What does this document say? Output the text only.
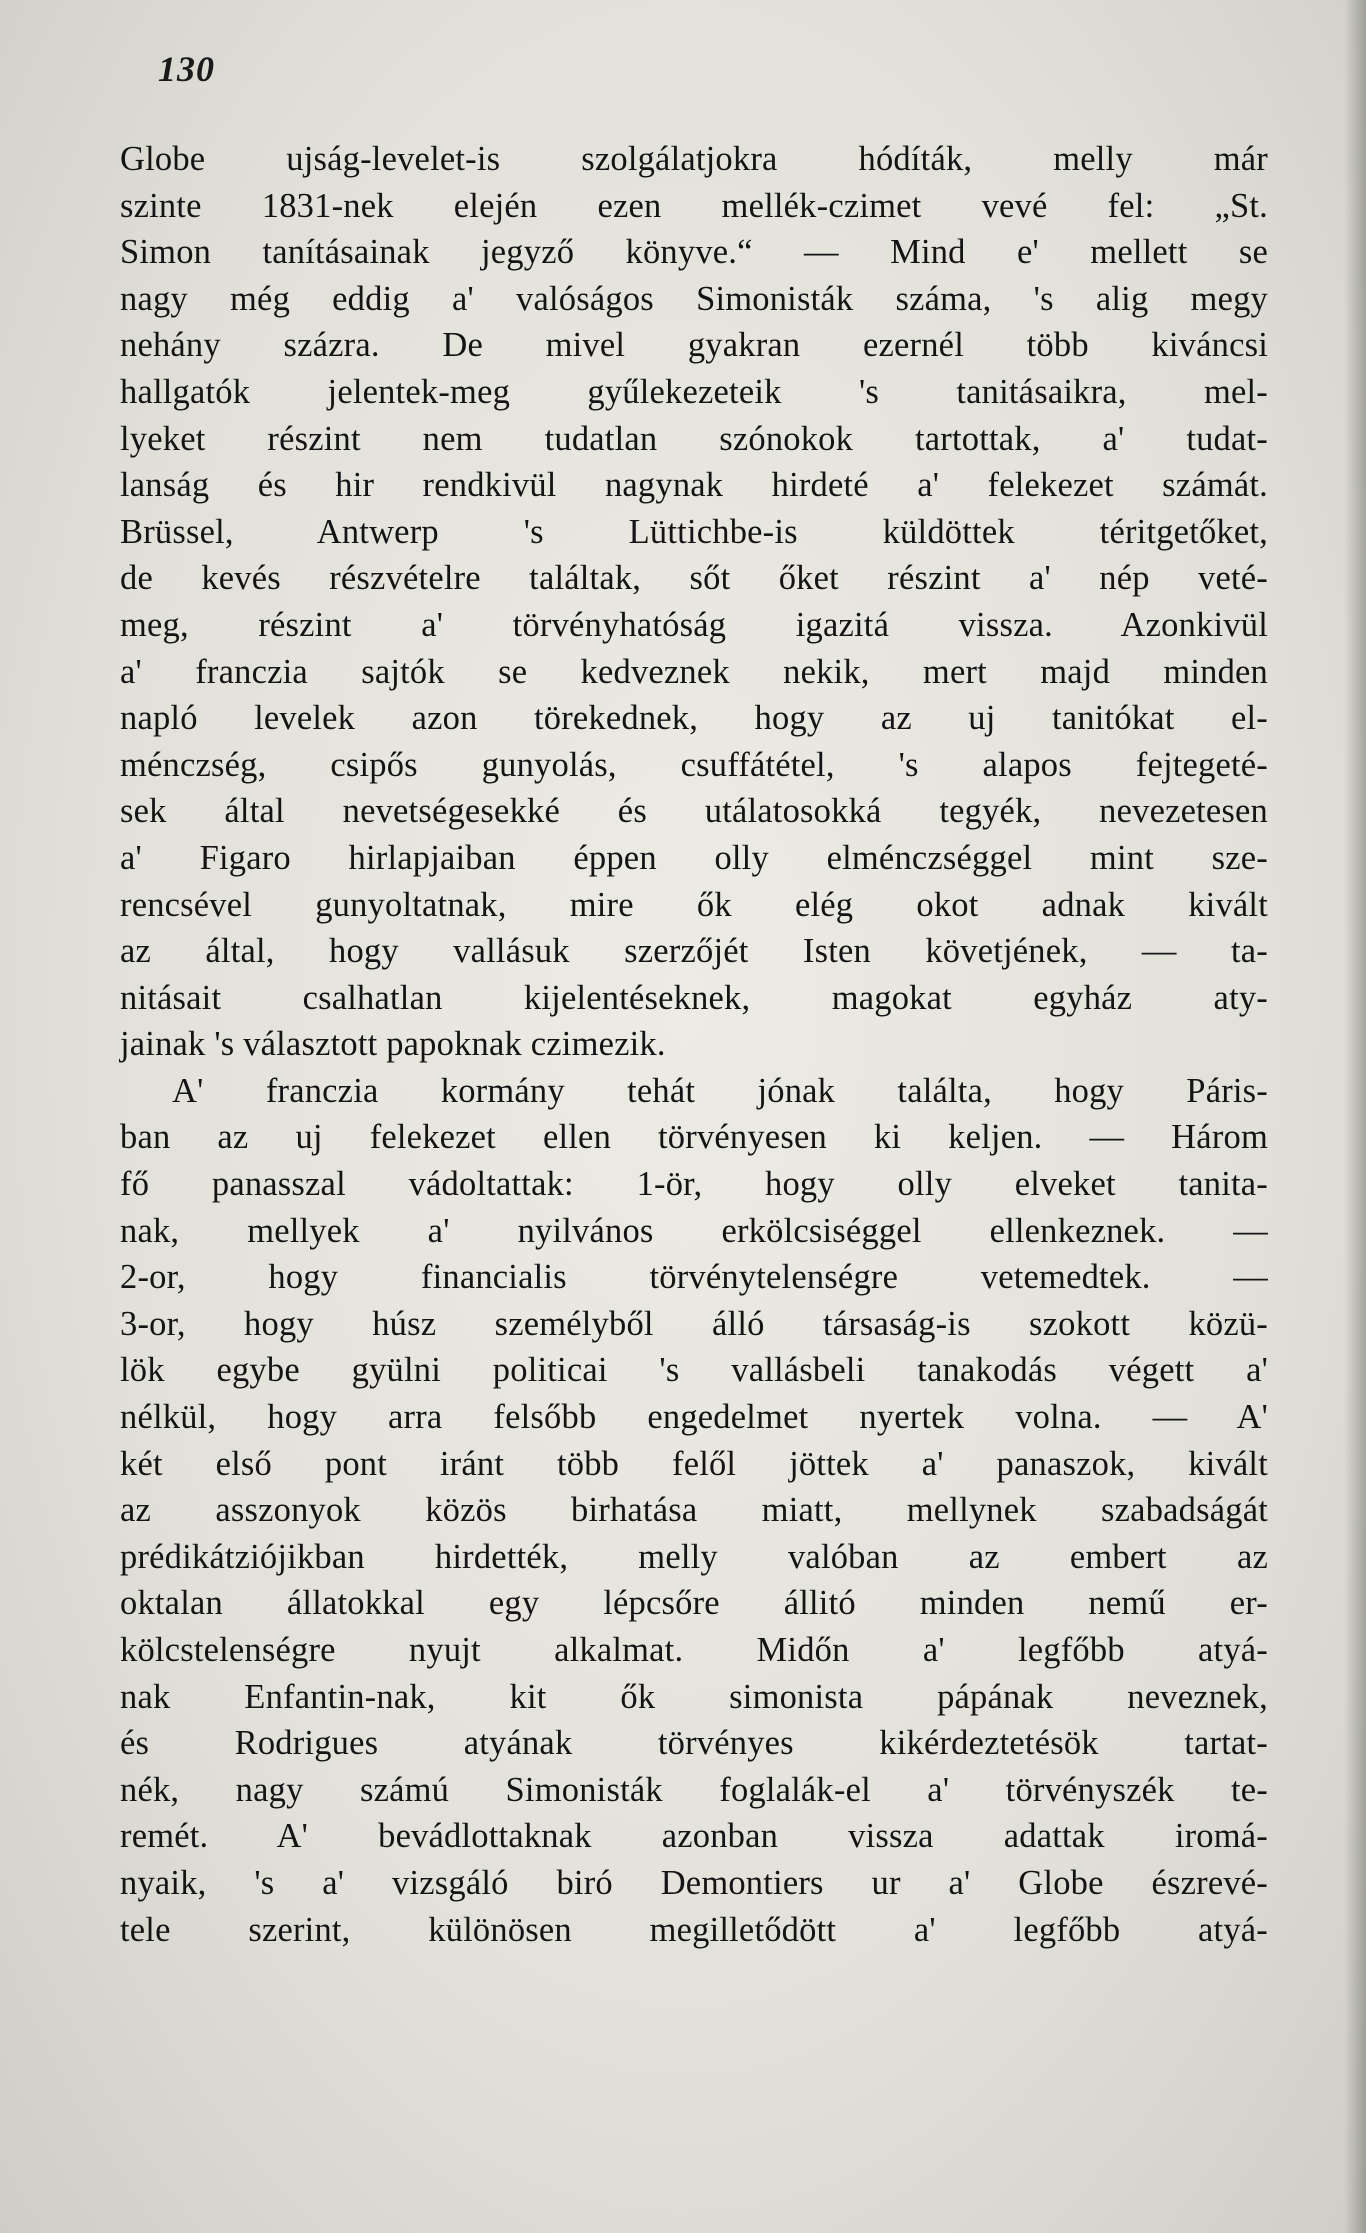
130
Globe ujság-levelet-is szolgálatjokra hódíták, melly már
szinte 1831-nek elején ezen mellék-czimet vevé fel: „St.
Simon tanításainak jegyző könyve.“ — Mind e' mellett se
nagy még eddig a' valóságos Simonisták száma, 's alig megy
nehány százra. De mivel gyakran ezernél több kiváncsi
hallgatók jelentek-meg gyűlekezeteik 's tanitásaikra, mel-
lyeket részint nem tudatlan szónokok tartottak, a' tudat-
lanság és hir rendkivül nagynak hirdeté a' felekezet számát.
Brüssel, Antwerp 's Lüttichbe-is küldöttek téritgetőket,
de kevés részvételre találtak, sőt őket részint a' nép veté-
meg, részint a' törvényhatóság igazitá vissza. Azonkivül
a' franczia sajtók se kedveznek nekik, mert majd minden
napló levelek azon törekednek, hogy az uj tanitókat el-
ménczség, csipős gunyolás, csuffátétel, 's alapos fejtegeté-
sek által nevetségesekké és utálatosokká tegyék, nevezetesen
a' Figaro hirlapjaiban éppen olly elménczséggel mint sze-
rencsével gunyoltatnak, mire ők elég okot adnak kivált
az által, hogy vallásuk szerzőjét Isten követjének, — ta-
nitásait csalhatlan kijelentéseknek, magokat egyház aty-
jainak 's választott papoknak czimezik.
A' franczia kormány tehát jónak találta, hogy Páris-
ban az uj felekezet ellen törvényesen ki keljen. — Három
fő panasszal vádoltattak: 1-ör, hogy olly elveket tanita-
nak, mellyek a' nyilvános erkölcsiséggel ellenkeznek. —
2-or, hogy financialis törvénytelenségre vetemedtek. —
3-or, hogy húsz személyből álló társaság-is szokott közü-
lök egybe gyülni politicai 's vallásbeli tanakodás végett a'
nélkül, hogy arra felsőbb engedelmet nyertek volna. — A'
két első pont iránt több felől jöttek a' panaszok, kivált
az asszonyok közös birhatása miatt, mellynek szabadságát
prédikátziójikban hirdették, melly valóban az embert az
oktalan állatokkal egy lépcsőre állitó minden nemű er-
kölcstelenségre nyujt alkalmat. Midőn a' legfőbb atyá-
nak Enfantin-nak, kit ők simonista pápának neveznek,
és Rodrigues atyának törvényes kikérdeztetésök tartat-
nék, nagy számú Simonisták foglalák-el a' törvényszék te-
remét. A' bevádlottaknak azonban vissza adattak iromá-
nyaik, 's a' vizsgáló biró Demontiers ur a' Globe észrevé-
tele szerint, különösen megilletődött a' legfőbb atyá-
